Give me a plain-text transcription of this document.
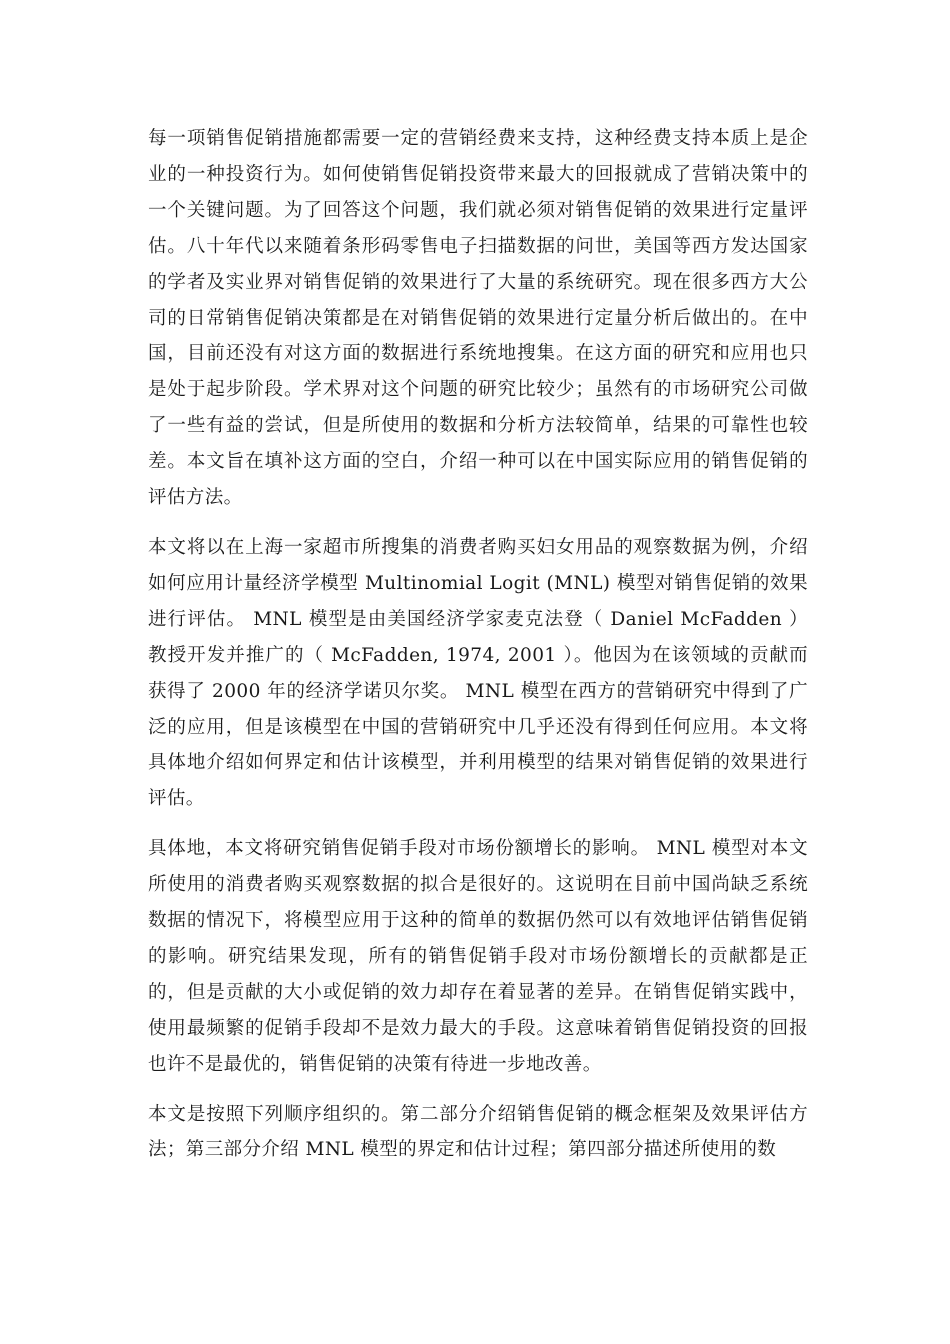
每一项销售促销措施都需要一定的营销经费来支持，这种经费支持本质上是企业的一种投资行为。如何使销售促销投资带来最大的回报就成了营销决策中的一个关键问题。为了回答这个问题，我们就必须对销售促销的效果进行定量评估。八十年代以来随着条形码零售电子扫描数据的问世，美国等西方发达国家的学者及实业界对销售促销的效果进行了大量的系统研究。现在很多西方大公司的日常销售促销决策都是在对销售促销的效果进行定量分析后做出的。在中国，目前还没有对这方面的数据进行系统地搜集。在这方面的研究和应用也只是处于起步阶段。学术界对这个问题的研究比较少；虽然有的市场研究公司做了一些有益的尝试，但是所使用的数据和分析方法较简单，结果的可靠性也较差。本文旨在填补这方面的空白，介绍一种可以在中国实际应用的销售促销的评估方法。

本文将以在上海一家超市所搜集的消费者购买妇女用品的观察数据为例，介绍如何应用计量经济学模型 Multinomial Logit (MNL) 模型对销售促销的效果进行评估。 MNL 模型是由美国经济学家麦克法登（ Daniel McFadden ）教授开发并推广的（ McFadden, 1974, 2001 ）。他因为在该领域的贡献而获得了 2000 年的经济学诺贝尔奖。 MNL 模型在西方的营销研究中得到了广泛的应用，但是该模型在中国的营销研究中几乎还没有得到任何应用。本文将具体地介绍如何界定和估计该模型，并利用模型的结果对销售促销的效果进行评估。

具体地，本文将研究销售促销手段对市场份额增长的影响。 MNL 模型对本文所使用的消费者购买观察数据的拟合是很好的。这说明在目前中国尚缺乏系统数据的情况下，将模型应用于这种的简单的数据仍然可以有效地评估销售促销的影响。研究结果发现，所有的销售促销手段对市场份额增长的贡献都是正的，但是贡献的大小或促销的效力却存在着显著的差异。在销售促销实践中，使用最频繁的促销手段却不是效力最大的手段。这意味着销售促销投资的回报也许不是最优的，销售促销的决策有待进一步地改善。

本文是按照下列顺序组织的。第二部分介绍销售促销的概念框架及效果评估方法；第三部分介绍 MNL 模型的界定和估计过程；第四部分描述所使用的数
